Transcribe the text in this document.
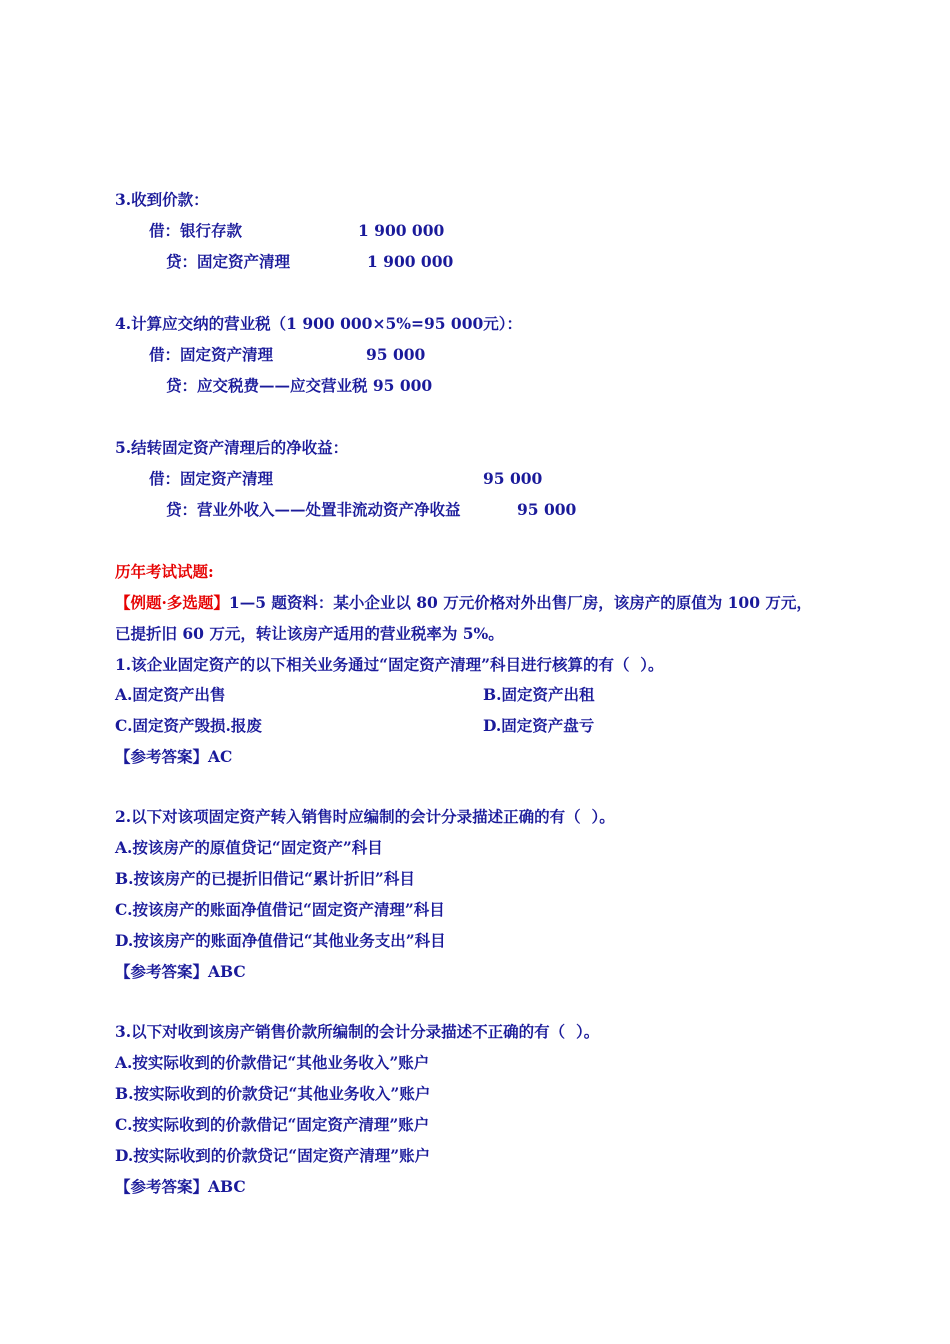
3.收到价款：
借：银行存款	1 900 000
贷：固定资产清理	1 900 000
4.计算应交纳的营业税（1 900 000×5%=95 000元）：
借：固定资产清理	95 000
贷：应交税费——应交营业税 95 000
5.结转固定资产清理后的净收益：
借：固定资产清理	95 000
贷：营业外收入——处置非流动资产净收益	95 000
历年考试试题:
【例题·多选题】1—5 题资料：某小企业以 80 万元价格对外出售厂房，该房产的原值为 100 万元，
已提折旧 60 万元，转让该房产适用的营业税率为 5%。
1.该企业固定资产的以下相关业务通过“固定资产清理”科目进行核算的有（  ）。
A.固定资产出售	B.固定资产出租
C.固定资产毁损.报废	D.固定资产盘亏
【参考答案】AC
2.以下对该项固定资产转入销售时应编制的会计分录描述正确的有（  ）。
A.按该房产的原值贷记“固定资产”科目
B.按该房产的已提折旧借记“累计折旧”科目
C.按该房产的账面净值借记“固定资产清理”科目
D.按该房产的账面净值借记“其他业务支出”科目
【参考答案】ABC
3.以下对收到该房产销售价款所编制的会计分录描述不正确的有（  ）。
A.按实际收到的价款借记“其他业务收入”账户
B.按实际收到的价款贷记“其他业务收入”账户
C.按实际收到的价款借记“固定资产清理”账户
D.按实际收到的价款贷记“固定资产清理”账户
【参考答案】ABC
